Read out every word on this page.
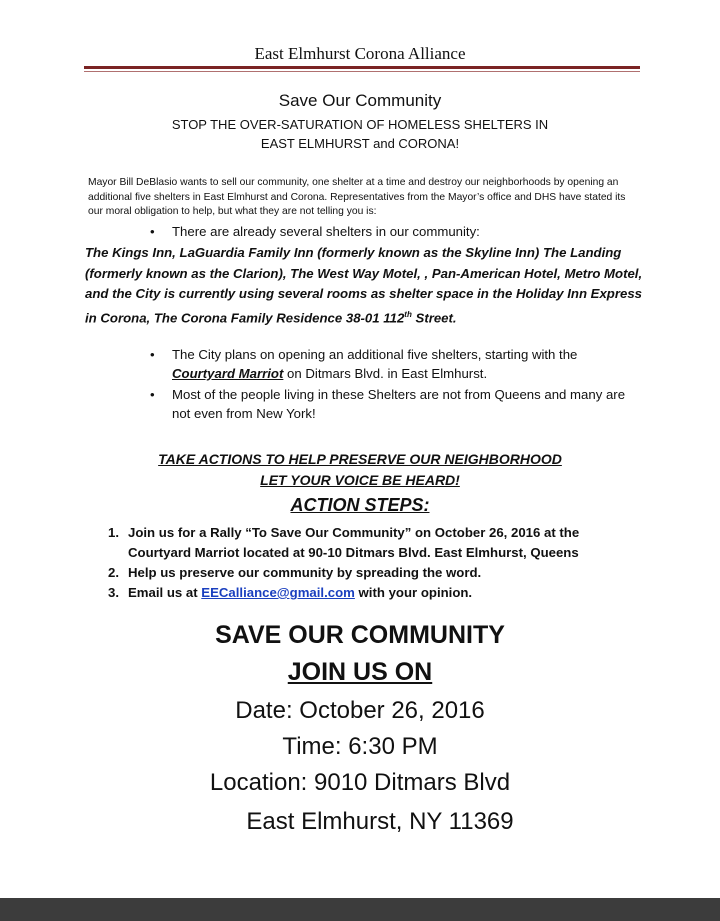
East Elmhurst Corona Alliance
Save Our Community
STOP THE OVER-SATURATION OF HOMELESS SHELTERS IN
EAST ELMHURST and CORONA!
Mayor Bill DeBlasio wants to sell our community, one shelter at a time and destroy our neighborhoods by opening an additional five shelters in East Elmhurst and Corona. Representatives from the Mayor’s office and DHS have stated its our moral obligation to help, but what they are not telling you is:
• There are already several shelters in our community:
The Kings Inn, LaGuardia Family Inn (formerly known as the Skyline Inn) The Landing (formerly known as the Clarion), The West Way Motel, , Pan-American Hotel, Metro Motel, and the City is currently using several rooms as shelter space in the Holiday Inn Express in Corona, The Corona Family Residence 38-01 112th Street.
• The City plans on opening an additional five shelters, starting with the Courtyard Marriot on Ditmars Blvd. in East Elmhurst.
• Most of the people living in these Shelters are not from Queens and many are not even from New York!
TAKE ACTIONS TO HELP PRESERVE OUR NEIGHBORHOOD
LET YOUR VOICE BE HEARD!
ACTION STEPS:
1. Join us for a Rally “To Save Our Community” on October 26, 2016 at the Courtyard Marriot located at 90-10 Ditmars Blvd. East Elmhurst, Queens
2. Help us preserve our community by spreading the word.
3. Email us at EECalliance@gmail.com with your opinion.
SAVE OUR COMMUNITY
JOIN US ON
Date: October 26, 2016
Time: 6:30 PM
Location: 9010 Ditmars Blvd
East Elmhurst, NY 11369
